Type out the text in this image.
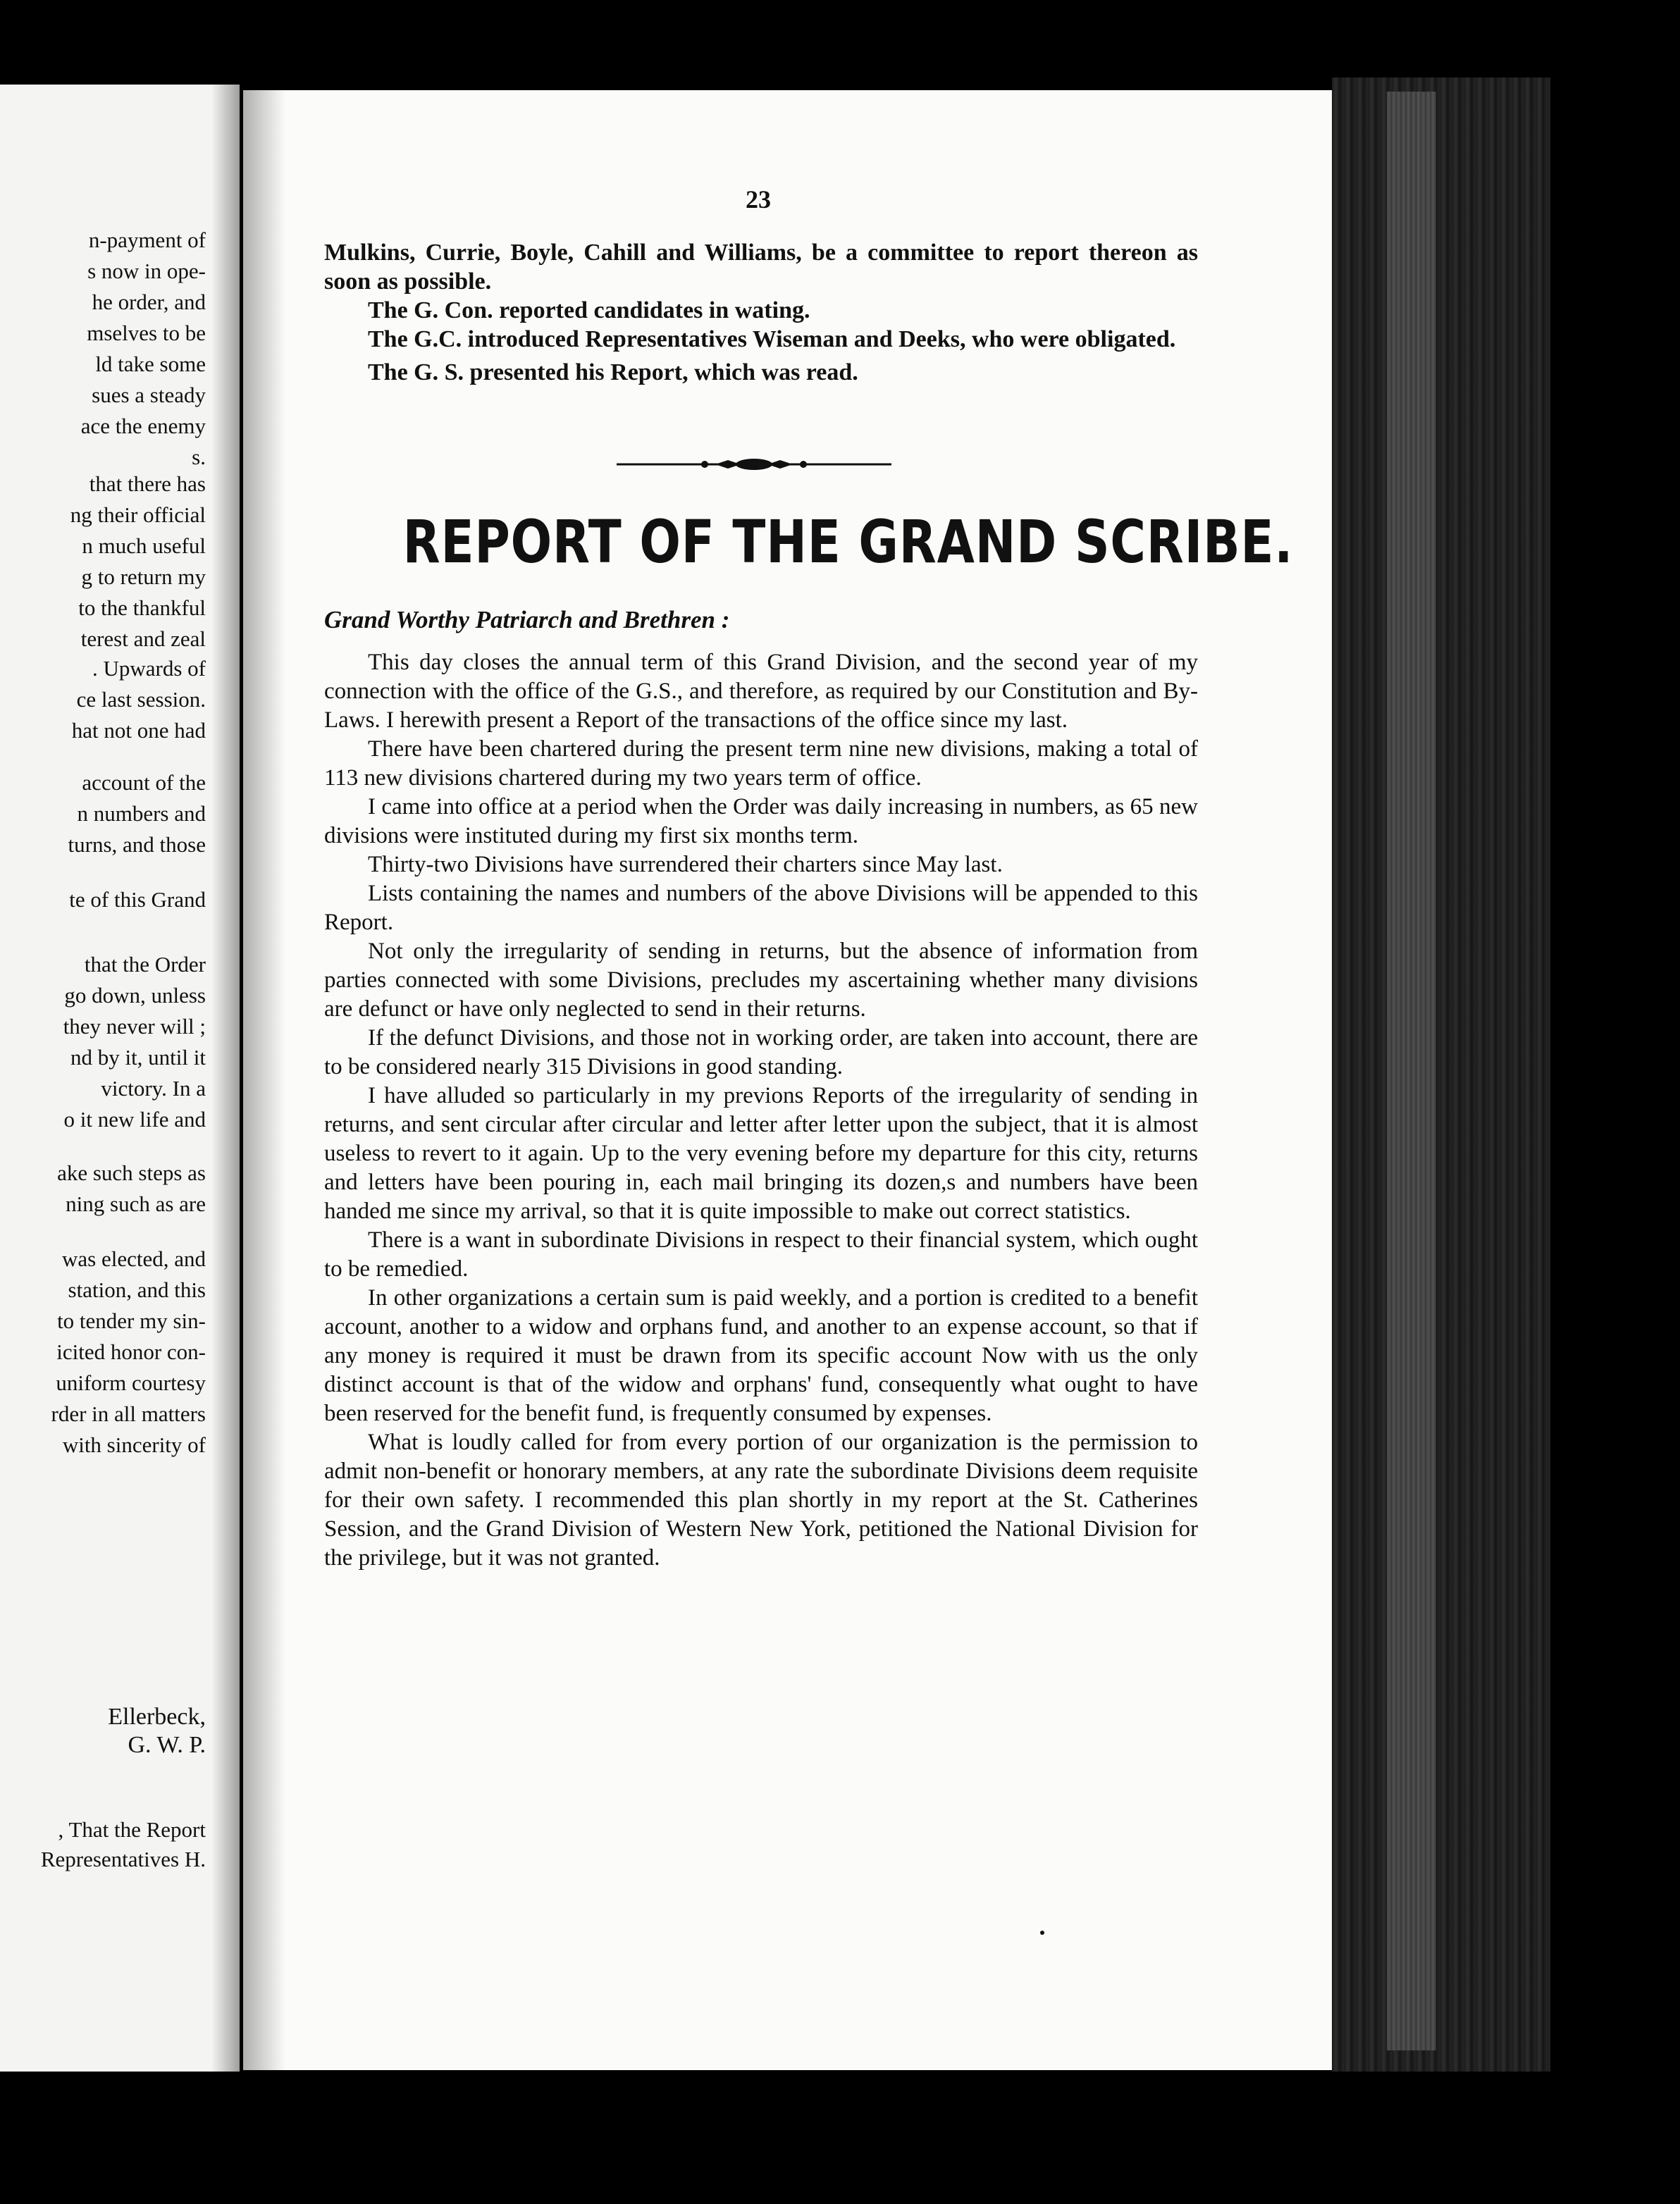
n-payment of
s now in ope-
he order, and
mselves to be
ld take some
sues a steady
ace the enemy
s.
that there has
ng their official
n much useful
g to return my
to the thankful
terest and zeal
. Upwards of
ce last session.
hat not one had
account of the
n numbers and
turns, and those
te of this Grand
that the Order
go down, unless
they never will ;
nd by it, until it
victory. In a
o it new life and
ake such steps as
ning such as are
was elected, and
station, and this
to tender my sin-
icited honor con-
uniform courtesy
rder in all matters
with sincerity of
Ellerbeck,
G. W. P.
, That the Report
Representatives H.
23

Mulkins, Currie, Boyle, Cahill and Williams, be a committee to report thereon as soon as possible.

The G. Con. reported candidates in wating.

The G.C. introduced Representatives Wiseman and Deeks, who were obligated.

The G. S. presented his Report, which was read.

REPORT OF THE GRAND SCRIBE.
Grand Worthy Patriarch and Brethren :

This day closes the annual term of this Grand Division, and the second year of my connection with the office of the G.S., and therefore, as required by our Constitution and By-Laws. I herewith present a Report of the transactions of the office since my last.

There have been chartered during the present term nine new divisions, making a total of 113 new divisions chartered during my two years term of office.

I came into office at a period when the Order was daily increasing in numbers, as 65 new divisions were instituted during my first six months term.

Thirty-two Divisions have surrendered their charters since May last.

Lists containing the names and numbers of the above Divisions will be appended to this Report.

Not only the irregularity of sending in returns, but the absence of information from parties connected with some Divisions, precludes my ascertaining whether many divisions are defunct or have only neglected to send in their returns.

If the defunct Divisions, and those not in working order, are taken into account, there are to be considered nearly 315 Divisions in good standing.

I have alluded so particularly in my previons Reports of the irregularity of sending in returns, and sent circular after circular and letter after letter upon the subject, that it is almost useless to revert to it again. Up to the very evening before my departure for this city, returns and letters have been pouring in, each mail bringing its dozen,s and numbers have been handed me since my arrival, so that it is quite impossible to make out correct statistics.

There is a want in subordinate Divisions in respect to their financial system, which ought to be remedied.

In other organizations a certain sum is paid weekly, and a portion is credited to a benefit account, another to a widow and orphans fund, and another to an expense account, so that if any money is required it must be drawn from its specific account Now with us the only distinct account is that of the widow and orphans' fund, consequently what ought to have been reserved for the benefit fund, is frequently consumed by expenses.

What is loudly called for from every portion of our organization is the permission to admit non-benefit or honorary members, at any rate the subordinate Divisions deem requisite for their own safety. I recommended this plan shortly in my report at the St. Catherines Session, and the Grand Division of Western New York, petitioned the National Division for the privilege, but it was not granted.
